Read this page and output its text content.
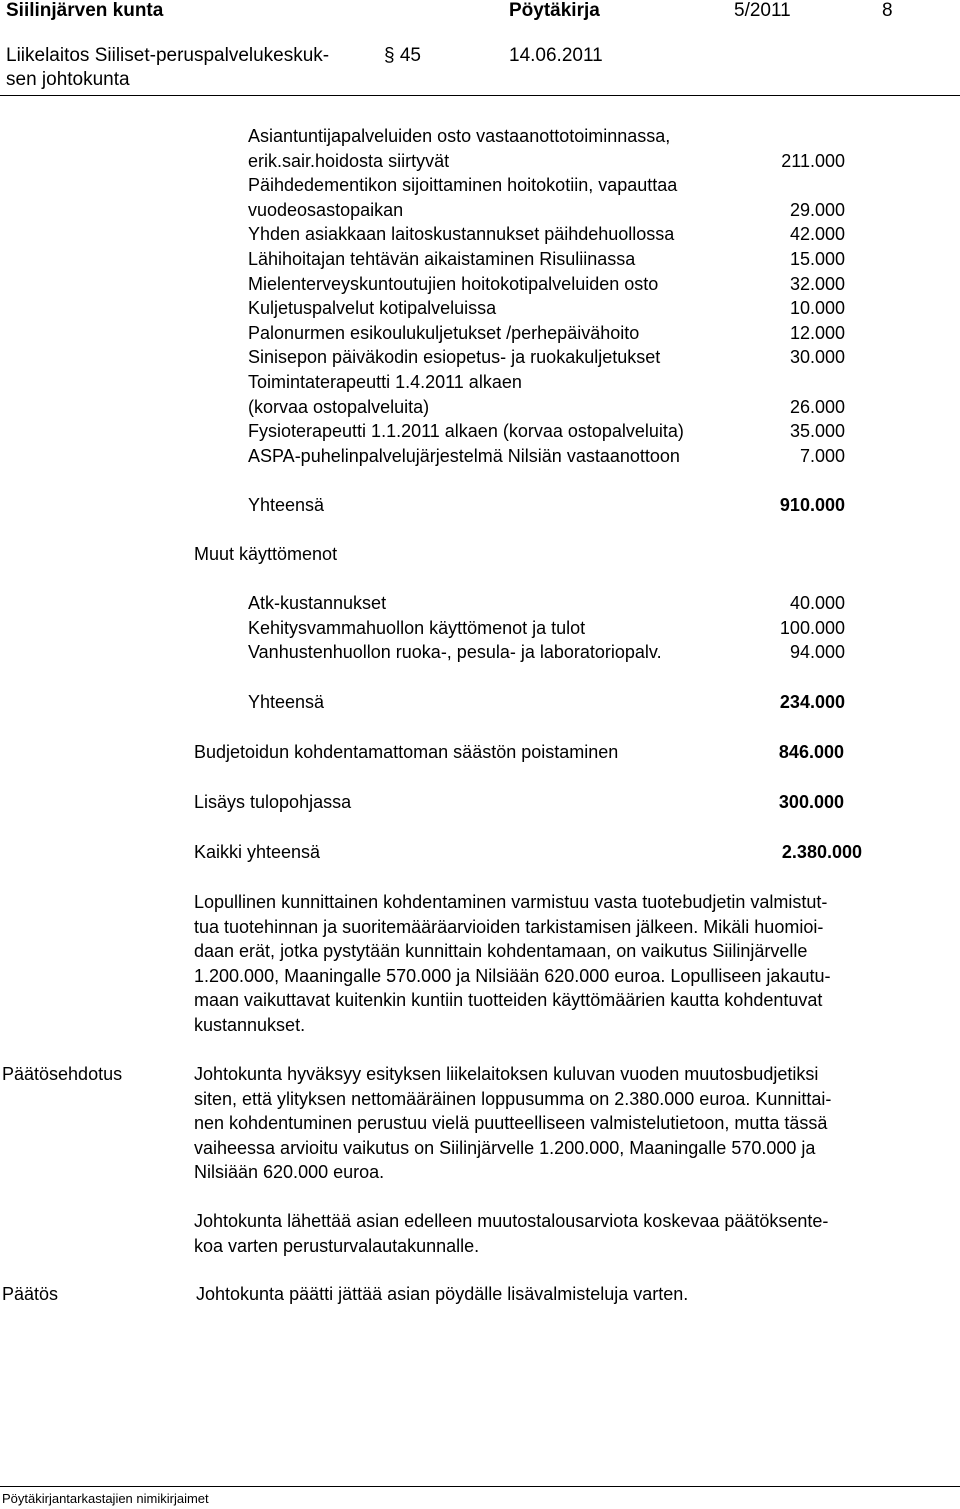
Siilinjärven kunta	Pöytäkirja	5/2011	8
Liikelaitos Siiliset-peruspalvelukeskuk-
sen johtokunta
§ 45	14.06.2011
Asiantuntijapalveluiden osto vastaanottotoiminnassa,
erik.sair.hoidosta siirtyvät	211.000
Päihdedementikon sijoittaminen hoitokotiin, vapauttaa
vuodeosastopaikan	29.000
Yhden asiakkaan laitoskustannukset päihdehuollossa	42.000
Lähihoitajan tehtävän aikaistaminen Risuliinassa	15.000
Mielenterveyskuntoutujien hoitokotipalveluiden osto	32.000
Kuljetuspalvelut kotipalveluissa	10.000
Palonurmen esikoulukuljetukset /perhepäivähoito	12.000
Sinisepon päiväkodin esiopetus- ja ruokakuljetukset	30.000
Toimintaterapeutti 1.4.2011 alkaen
(korvaa ostopalveluita)	26.000
Fysioterapeutti 1.1.2011 alkaen (korvaa ostopalveluita)	35.000
ASPA-puhelinpalvelujärjestelmä Nilsiän vastaanottoon	7.000
Yhteensä	910.000
Muut käyttömenot
Atk-kustannukset	40.000
Kehitysvammahuollon käyttömenot ja tulot	100.000
Vanhustenhuollon ruoka-, pesula- ja laboratoriopalv.	94.000
Yhteensä	234.000
Budjetoidun kohdentamattoman säästön poistaminen	846.000
Lisäys tulopohjassa	300.000
Kaikki yhteensä	2.380.000
Lopullinen kunnittainen kohdentaminen varmistuu vasta tuotebudjetin valmistut-
tua tuotehinnan ja suoritemääräarvioiden tarkistamisen jälkeen. Mikäli huomioi-
daan erät, jotka pystytään kunnittain kohdentamaan, on vaikutus Siilinjärvelle
1.200.000, Maaningalle 570.000 ja Nilsiään 620.000 euroa. Lopulliseen jakautu-
maan vaikuttavat kuitenkin kuntiin tuotteiden käyttömäärien kautta kohdentuvat
kustannukset.
Päätösehdotus	Johtokunta hyväksyy esityksen liikelaitoksen kuluvan vuoden muutosbudjetiksi
siten, että ylityksen nettomääräinen loppusumma on 2.380.000 euroa. Kunnittai-
nen kohdentuminen perustuu vielä puutteelliseen valmistelutietoon, mutta tässä
vaiheessa arvioitu vaikutus on Siilinjärvelle 1.200.000, Maaningalle 570.000 ja
Nilsiään 620.000 euroa.
Johtokunta lähettää asian edelleen muutostalousarviota koskevaa päätöksente-
koa varten perusturvalautakunnalle.
Päätös	Johtokunta päätti jättää asian pöydälle lisävalmisteluja varten.
Pöytäkirjantarkastajien nimikirjaimet
